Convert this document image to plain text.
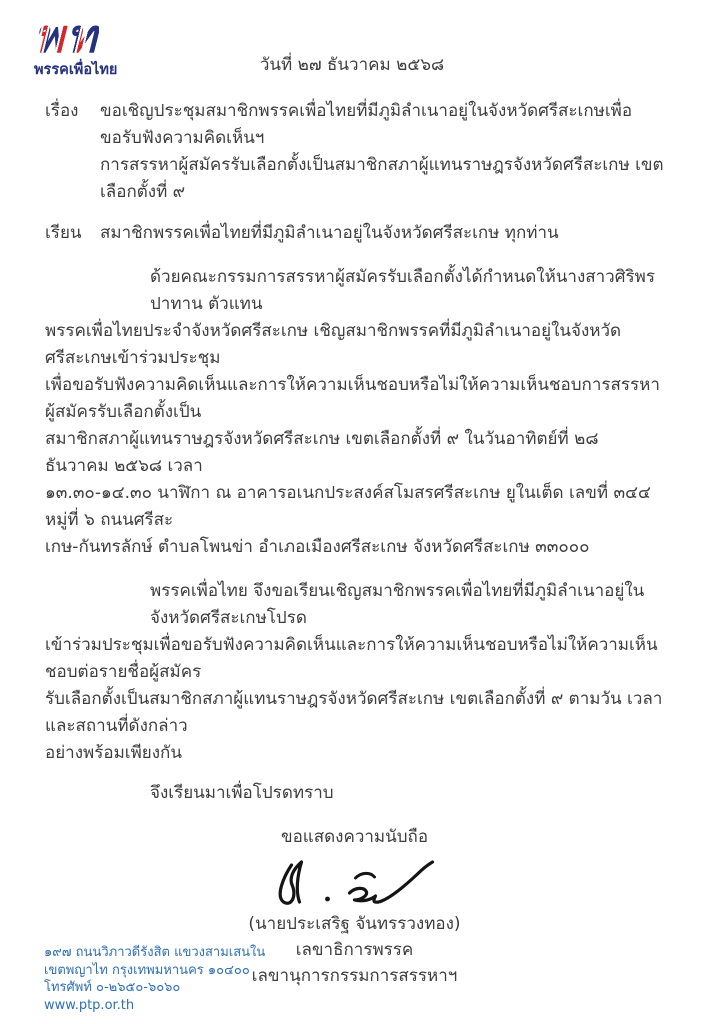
พท
พรรคเพื่อไทย	วันที่ ๒๗ ธันวาคม ๒๕๖๘
เรื่อง	ขอเชิญประชุมสมาชิกพรรคเพื่อไทยที่มีภูมิลำเนาอยู่ในจังหวัดศรีสะเกษเพื่อขอรับฟังความคิดเห็นฯ
การสรรหาผู้สมัครรับเลือกตั้งเป็นสมาชิกสภาผู้แทนราษฎรจังหวัดศรีสะเกษ เขตเลือกตั้งที่ ๙
เรียน	สมาชิกพรรคเพื่อไทยที่มีภูมิลำเนาอยู่ในจังหวัดศรีสะเกษ ทุกท่าน
ด้วยคณะกรรมการสรรหาผู้สมัครรับเลือกตั้งได้กำหนดให้นางสาวศิริพร ปาทาน ตัวแทน
พรรคเพื่อไทยประจำจังหวัดศรีสะเกษ เชิญสมาชิกพรรคที่มีภูมิลำเนาอยู่ในจังหวัดศรีสะเกษเข้าร่วมประชุม
เพื่อขอรับฟังความคิดเห็นและการให้ความเห็นชอบหรือไม่ให้ความเห็นชอบการสรรหาผู้สมัครรับเลือกตั้งเป็น
สมาชิกสภาผู้แทนราษฎรจังหวัดศรีสะเกษ เขตเลือกตั้งที่ ๙ ในวันอาทิตย์ที่ ๒๘ ธันวาคม ๒๕๖๘ เวลา
๑๓.๓๐-๑๔.๓๐ นาฬิกา ณ อาคารอเนกประสงค์สโมสรศรีสะเกษ ยูในเต็ด เลขที่ ๓๔๔ หมู่ที่ ๖ ถนนศรีสะ
เกษ-กันทรลักษ์ ตำบลโพนข่า อำเภอเมืองศรีสะเกษ จังหวัดศรีสะเกษ ๓๓๐๐๐
พรรคเพื่อไทย จึงขอเรียนเชิญสมาชิกพรรคเพื่อไทยที่มีภูมิลำเนาอยู่ในจังหวัดศรีสะเกษโปรด
เข้าร่วมประชุมเพื่อขอรับฟังความคิดเห็นและการให้ความเห็นชอบหรือไม่ให้ความเห็นชอบต่อรายชื่อผู้สมัคร
รับเลือกตั้งเป็นสมาชิกสภาผู้แทนราษฎรจังหวัดศรีสะเกษ เขตเลือกตั้งที่ ๙ ตามวัน เวลา และสถานที่ดังกล่าว
อย่างพร้อมเพียงกัน
จึงเรียนมาเพื่อโปรดทราบ
ขอแสดงความนับถือ
(นายประเสริฐ จันทรรวงทอง)
เลขาธิการพรรค
เลขานุการกรรมการสรรหาฯ
๑๙๗ ถนนวิภาวดีรังสิต แขวงสามเสนใน
เขตพญาไท กรุงเทพมหานคร ๑๐๔๐๐
โทรศัพท์ ๐-๒๖๕๐-๖๐๖๐
www.ptp.or.th
